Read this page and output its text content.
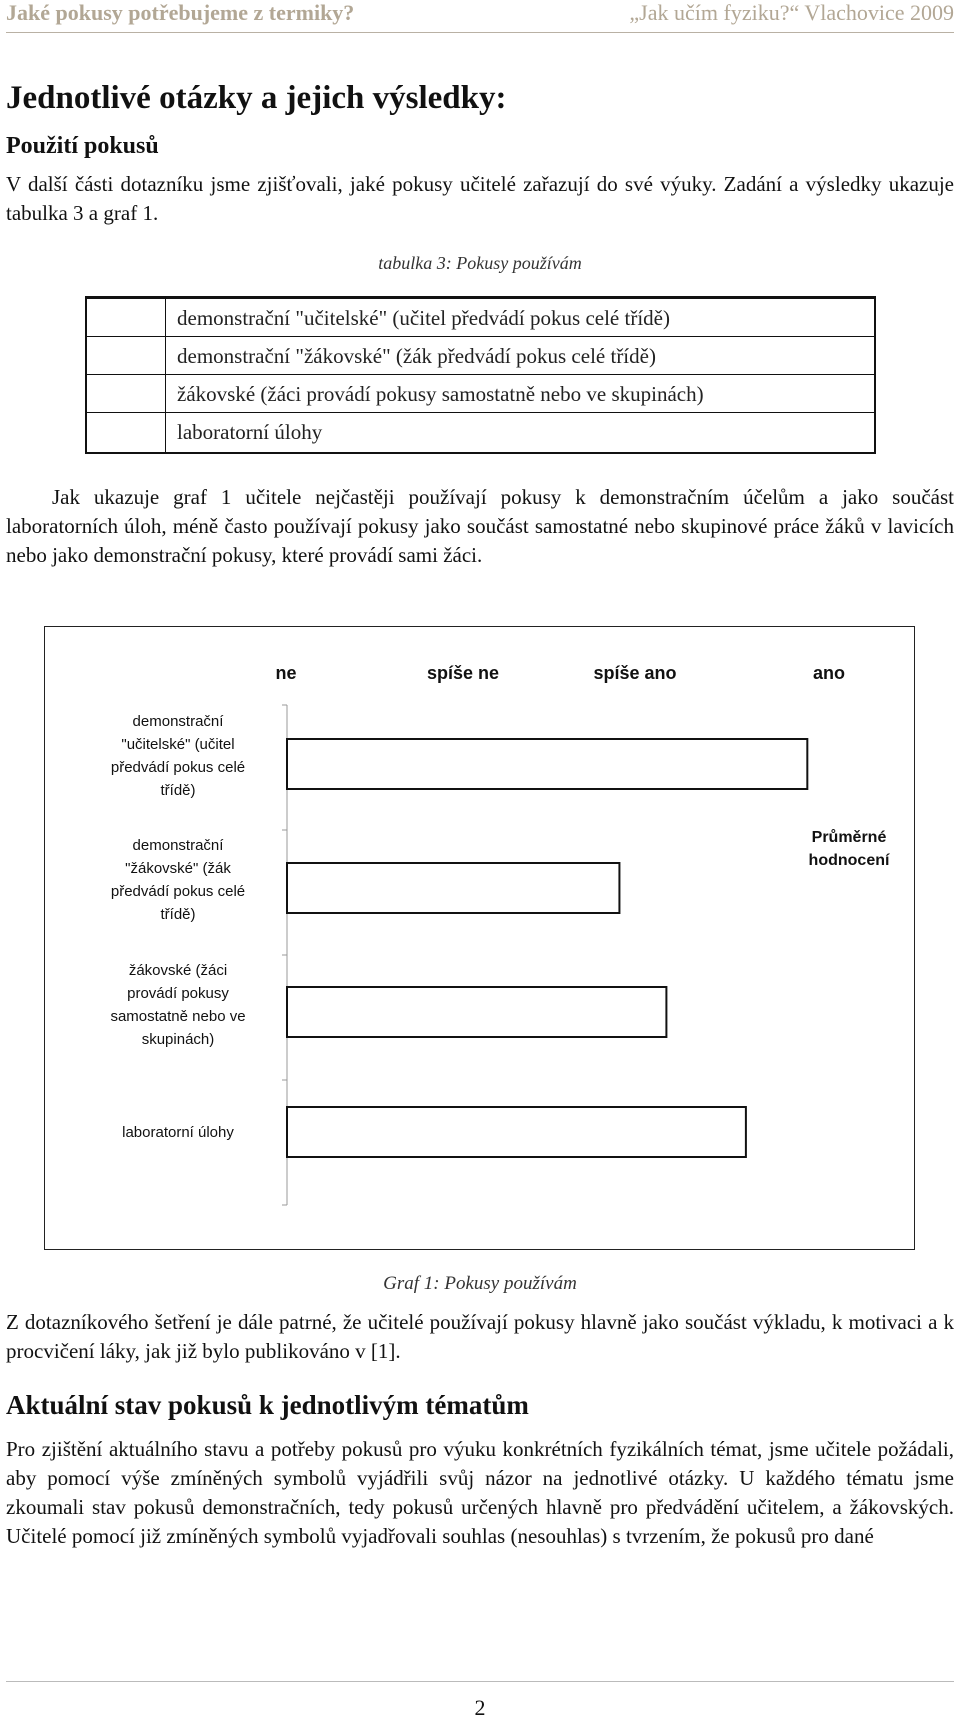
Jaké pokusy potřebujeme z termiky?	„Jak učím fyziku?“ Vlachovice 2009
Jednotlivé otázky a jejich výsledky:
Použití pokusů

V další části dotazníku jsme zjišťovali, jaké pokusy učitelé zařazují do své výuky. Zadání a výsledky ukazuje tabulka 3 a graf 1.

tabulka 3: Pokusy používám
demonstrační "učitelské" (učitel předvádí pokus celé třídě)
demonstrační "žákovské" (žák předvádí pokus celé třídě)
žákovské (žáci provádí pokusy samostatně nebo ve skupinách)
laboratorní úlohy

Jak ukazuje graf 1 učitele nejčastěji používají pokusy k demonstračním účelům a jako součást laboratorních úloh, méně často používají pokusy jako součást samostatné nebo skupinové práce žáků v lavicích nebo jako demonstrační pokusy, které provádí sami žáci.

ne	spíše ne	spíše ano	ano
demonstrační "učitelské" (učitel předvádí pokus celé třídě)
demonstrační "žákovské" (žák předvádí pokus celé třídě)
žákovské (žáci provádí pokusy samostatně nebo ve skupinách)
laboratorní úlohy
Průměrné hodnocení
Graf 1: Pokusy používám

Z dotazníkového šetření je dále patrné, že učitelé používají pokusy hlavně jako součást výkladu, k motivaci a k procvičení láky, jak již bylo publikováno v [1].

Aktuální stav pokusů k jednotlivým tématům

Pro zjištění aktuálního stavu a potřeby pokusů pro výuku konkrétních fyzikálních témat, jsme učitele požádali, aby pomocí výše zmíněných symbolů vyjádřili svůj názor na jednotlivé otázky. U každého tématu jsme zkoumali stav pokusů demonstračních, tedy pokusů určených hlavně pro předvádění učitelem, a žákovských. Učitelé pomocí již zmíněných symbolů vyjadřovali souhlas (nesouhlas) s tvrzením, že pokusů pro dané

2
